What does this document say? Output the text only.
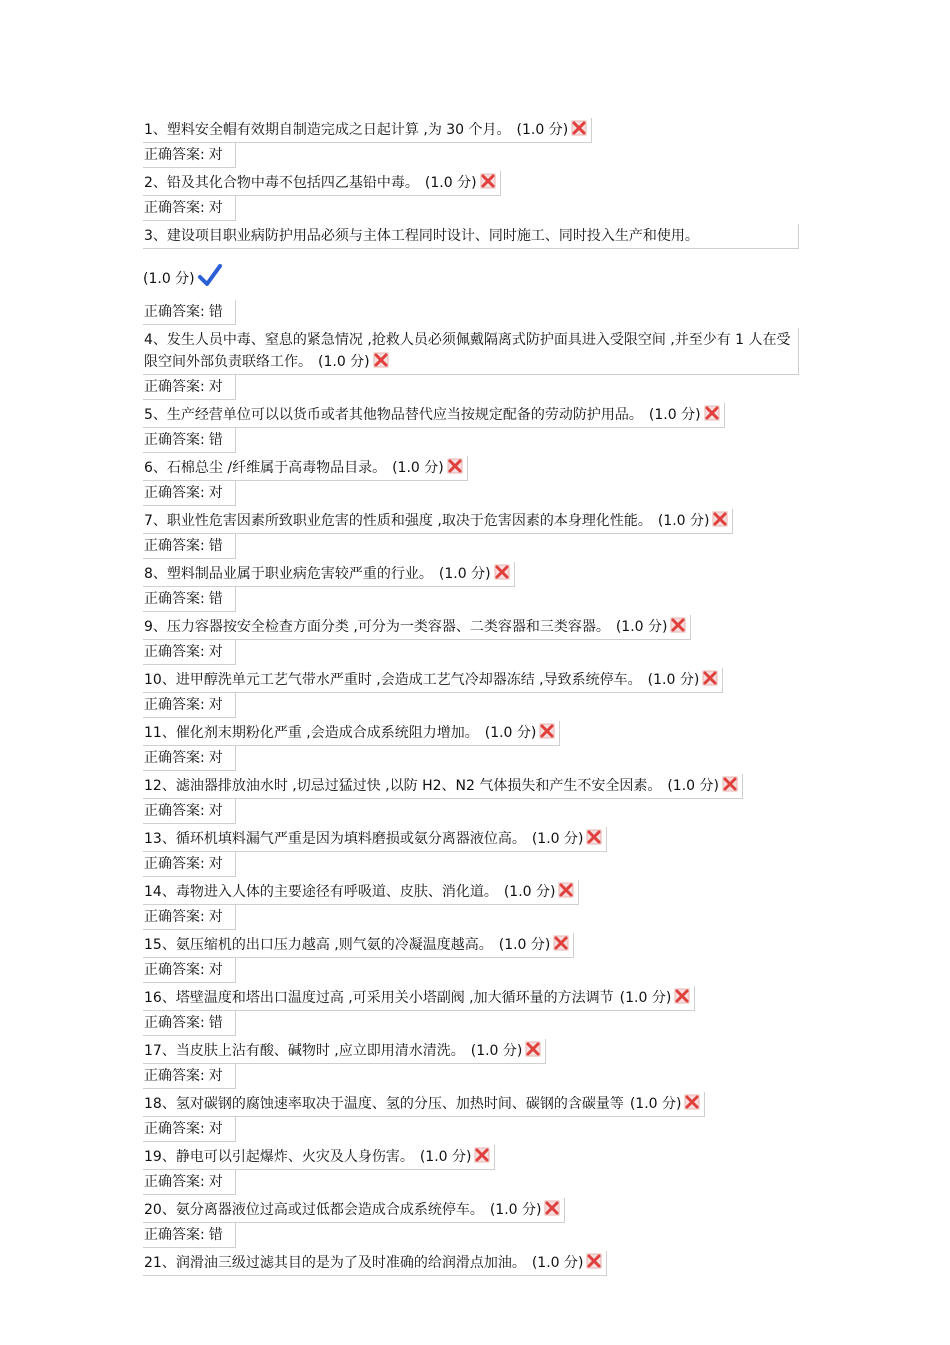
1、塑料安全帽有效期自制造完成之日起计算 ,为 30 个月。 (1.0 分)
正确答案: 对
2、铅及其化合物中毒不包括四乙基铅中毒。 (1.0 分)
正确答案: 对
3、建设项目职业病防护用品必须与主体工程同时设计、同时施工、同时投入生产和使用。
(1.0 分)
正确答案: 错
4、发生人员中毒、窒息的紧急情况 ,抢救人员必须佩戴隔离式防护面具进入受限空间 ,并至少有 1 人在受限空间外部负责联络工作。 (1.0 分)
正确答案: 对
5、生产经营单位可以以货币或者其他物品替代应当按规定配备的劳动防护用品。 (1.0 分)
正确答案: 错
6、石棉总尘 /纤维属于高毒物品目录。 (1.0 分)
正确答案: 对
7、职业性危害因素所致职业危害的性质和强度 ,取决于危害因素的本身理化性能。 (1.0 分)
正确答案: 错
8、塑料制品业属于职业病危害较严重的行业。 (1.0 分)
正确答案: 错
9、压力容器按安全检查方面分类 ,可分为一类容器、二类容器和三类容器。 (1.0 分)
正确答案: 对
10、进甲醇洗单元工艺气带水严重时 ,会造成工艺气冷却器冻结 ,导致系统停车。 (1.0 分)
正确答案: 对
11、催化剂末期粉化严重 ,会造成合成系统阻力增加。 (1.0 分)
正确答案: 对
12、滤油器排放油水时 ,切忌过猛过快 ,以防 H2、N2 气体损失和产生不安全因素。 (1.0 分)
正确答案: 对
13、循环机填料漏气严重是因为填料磨损或氨分离器液位高。 (1.0 分)
正确答案: 对
14、毒物进入人体的主要途径有呼吸道、皮肤、消化道。 (1.0 分)
正确答案: 对
15、氨压缩机的出口压力越高 ,则气氨的冷凝温度越高。 (1.0 分)
正确答案: 对
16、塔壁温度和塔出口温度过高 ,可采用关小塔副阀 ,加大循环量的方法调节 (1.0 分)
正确答案: 错
17、当皮肤上沾有酸、碱物时 ,应立即用清水清洗。 (1.0 分)
正确答案: 对
18、氢对碳钢的腐蚀速率取决于温度、氢的分压、加热时间、碳钢的含碳量等 (1.0 分)
正确答案: 对
19、静电可以引起爆炸、火灾及人身伤害。 (1.0 分)
正确答案: 对
20、氨分离器液位过高或过低都会造成合成系统停车。 (1.0 分)
正确答案: 错
21、润滑油三级过滤其目的是为了及时准确的给润滑点加油。 (1.0 分)
